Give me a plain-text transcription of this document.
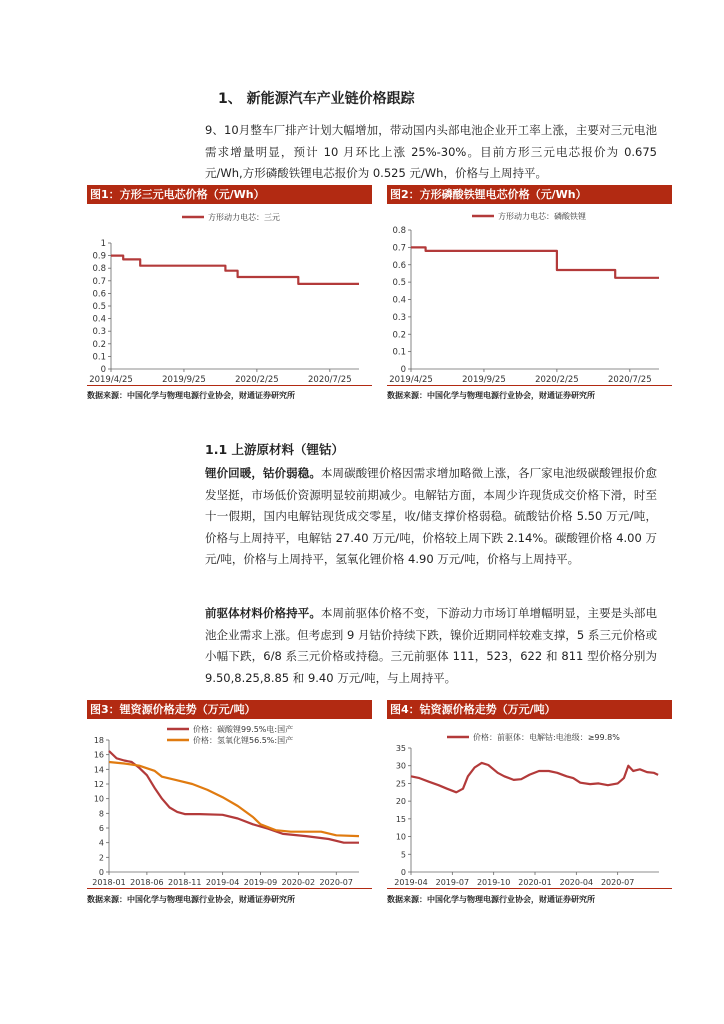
1、 新能源汽车产业链价格跟踪
9、10月整车厂排产计划大幅增加，带动国内头部电池企业开工率上涨，主要对三元电池需求增量明显，预计 10 月环比上涨 25%-30%。目前方形三元电芯报价为 0.675 元/Wh,方形磷酸铁锂电芯报价为 0.525 元/Wh，价格与上周持平。
图1：方形三元电芯价格（元/Wh）
0
0.1
0.2
0.3
0.4
0.5
0.6
0.7
0.8
0.9
1
2019/4/25	2019/9/25	2020/2/25	2020/7/25
方形动力电芯：三元
数据来源：中国化学与物理电源行业协会，财通证券研究所
图2：方形磷酸铁锂电芯价格（元/Wh）
0
0.1
0.2
0.3
0.4
0.5
0.6
0.7
0.8
2019/4/25	2019/9/25	2020/2/25	2020/7/25
方形动力电芯：磷酸铁锂
数据来源：中国化学与物理电源行业协会，财通证券研究所
1.1 上游原材料（锂钴）
锂价回暖，钴价弱稳。本周碳酸锂价格因需求增加略微上涨，各厂家电池级碳酸锂报价愈发坚挺，市场低价资源明显较前期减少。电解钴方面，本周少许现货成交价格下滑，时至十一假期，国内电解钴现货成交零星，收/储支撑价格弱稳。硫酸钴价格 5.50 万元/吨，价格与上周持平，电解钴 27.40 万元/吨，价格较上周下跌 2.14%。碳酸锂价格 4.00 万元/吨，价格与上周持平，氢氧化锂价格 4.90 万元/吨，价格与上周持平。
前驱体材料价格持平。本周前驱体价格不变，下游动力市场订单增幅明显，主要是头部电池企业需求上涨。但考虑到 9 月钴价持续下跌，镍价近期同样较难支撑，5 系三元价格或小幅下跌，6/8 系三元价格或持稳。三元前驱体 111，523，622 和 811 型价格分别为 9.50,8.25,8.85 和 9.40 万元/吨，与上周持平。
图3：锂资源价格走势（万元/吨）
0
2
4
6
8
10
12
14
16
18
2018-01 2018-06 2018-11 2019-04 2019-09 2020-02 2020-07
价格：碳酸锂99.5%电:国产
价格：氢氧化锂56.5%:国产
数据来源：中国化学与物理电源行业协会，财通证券研究所
图4：钴资源价格走势（万元/吨）
0
5
10
15
20
25
30
35
2019-04 2019-07 2019-10 2020-01 2020-04 2020-07
价格：前驱体：电解钴:电池级：≥99.8%
数据来源：中国化学与物理电源行业协会，财通证券研究所
